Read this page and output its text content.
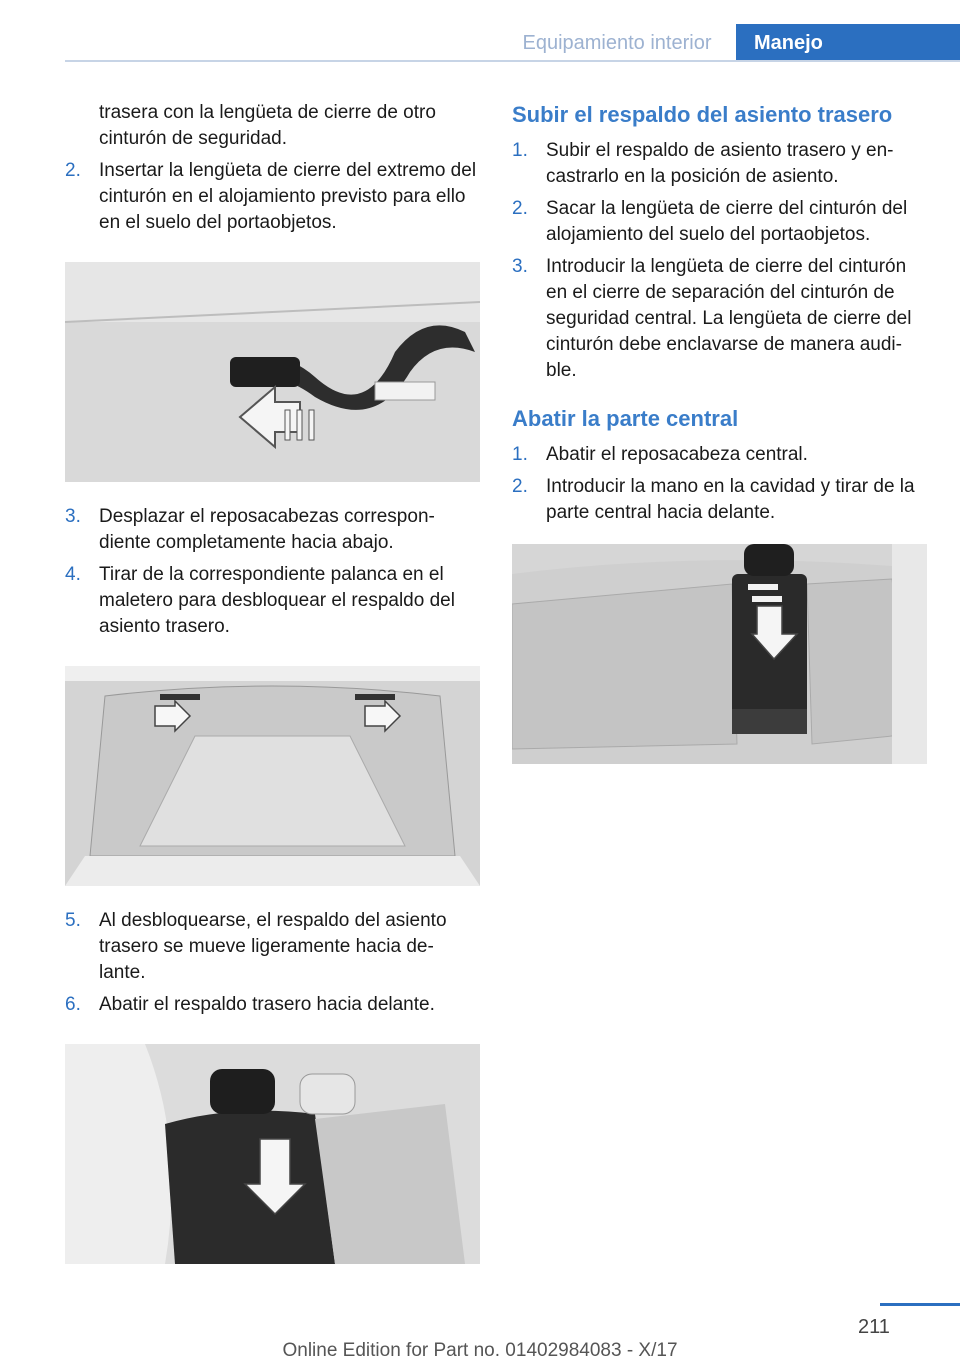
Equipamiento interior	Manejo

trasera con la lengüeta de cierre de otro cinturón de seguridad.

2. Insertar la lengüeta de cierre del extremo del cinturón en el alojamiento previsto para ello en el suelo del portaobjetos.
3. Desplazar el reposacabezas correspon‐ diente completamente hacia abajo.
4. Tirar de la correspondiente palanca en el maletero para desbloquear el respaldo del asiento trasero.
5. Al desbloquearse, el respaldo del asiento trasero se mueve ligeramente hacia de‐ lante.
6. Abatir el respaldo trasero hacia delante.
Subir el respaldo del asiento trasero
1. Subir el respaldo de asiento trasero y en‐ castrarlo en la posición de asiento.
2. Sacar la lengüeta de cierre del cinturón del alojamiento del suelo del portaobjetos.
3. Introducir la lengüeta de cierre del cinturón en el cierre de separación del cinturón de seguridad central. La lengüeta de cierre del cinturón debe enclavarse de manera audi‐ ble.
Abatir la parte central
1. Abatir el reposacabeza central.
2. Introducir la mano en la cavidad y tirar de la parte central hacia delante.
211
Online Edition for Part no. 01402984083 - X/17
